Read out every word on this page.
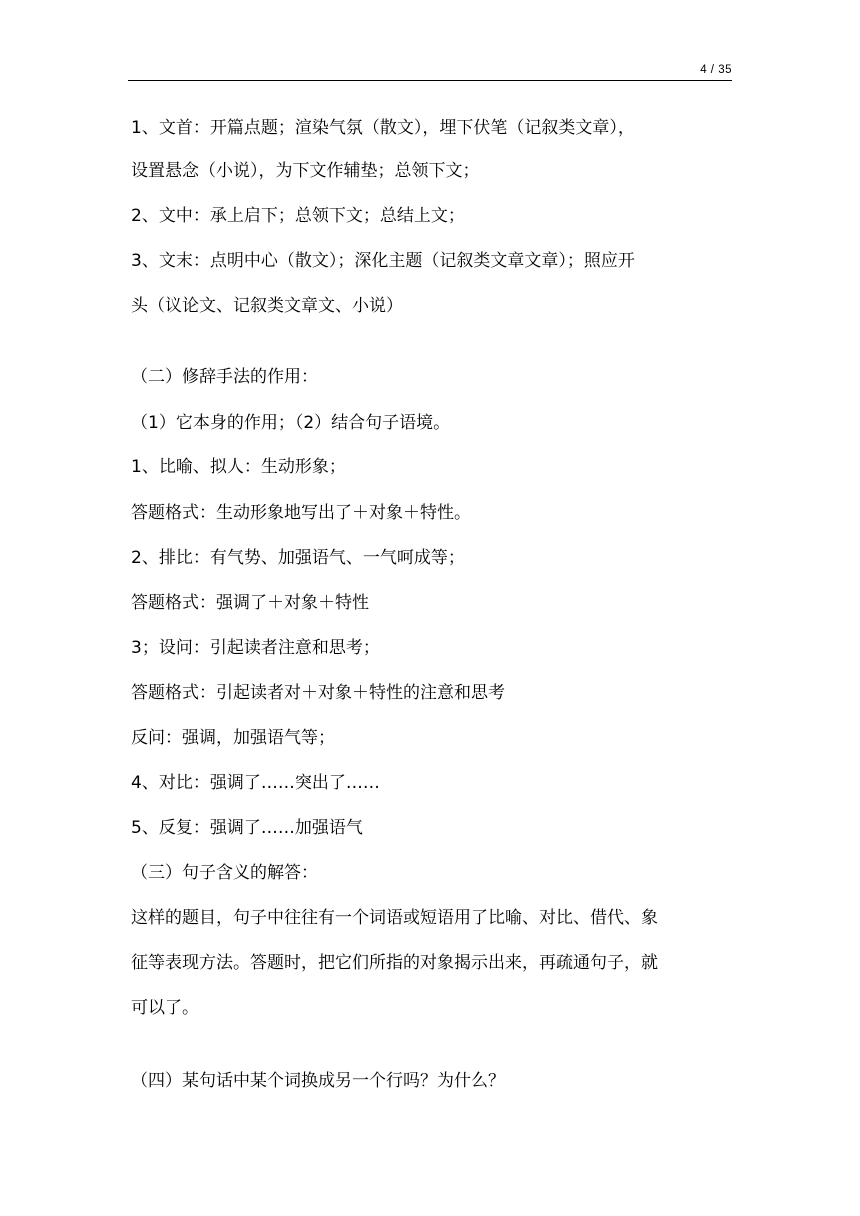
4 / 35
1、文首：开篇点题；渲染气氛（散文），埋下伏笔（记叙类文章），
设置悬念（小说），为下文作辅垫；总领下文；
2、文中：承上启下；总领下文；总结上文；
3、文末：点明中心（散文）；深化主题（记叙类文章文章）；照应开
头（议论文、记叙类文章文、小说）
（二）修辞手法的作用：
（1）它本身的作用；（2）结合句子语境。
1、比喻、拟人：生动形象；
答题格式：生动形象地写出了＋对象＋特性。
2、排比：有气势、加强语气、一气呵成等；
答题格式：强调了＋对象＋特性
3；设问：引起读者注意和思考；
答题格式：引起读者对＋对象＋特性的注意和思考
反问：强调，加强语气等；
4、对比：强调了……突出了……
5、反复：强调了……加强语气
（三）句子含义的解答：
这样的题目，句子中往往有一个词语或短语用了比喻、对比、借代、象
征等表现方法。答题时，把它们所指的对象揭示出来，再疏通句子，就
可以了。
（四）某句话中某个词换成另一个行吗？为什么？
